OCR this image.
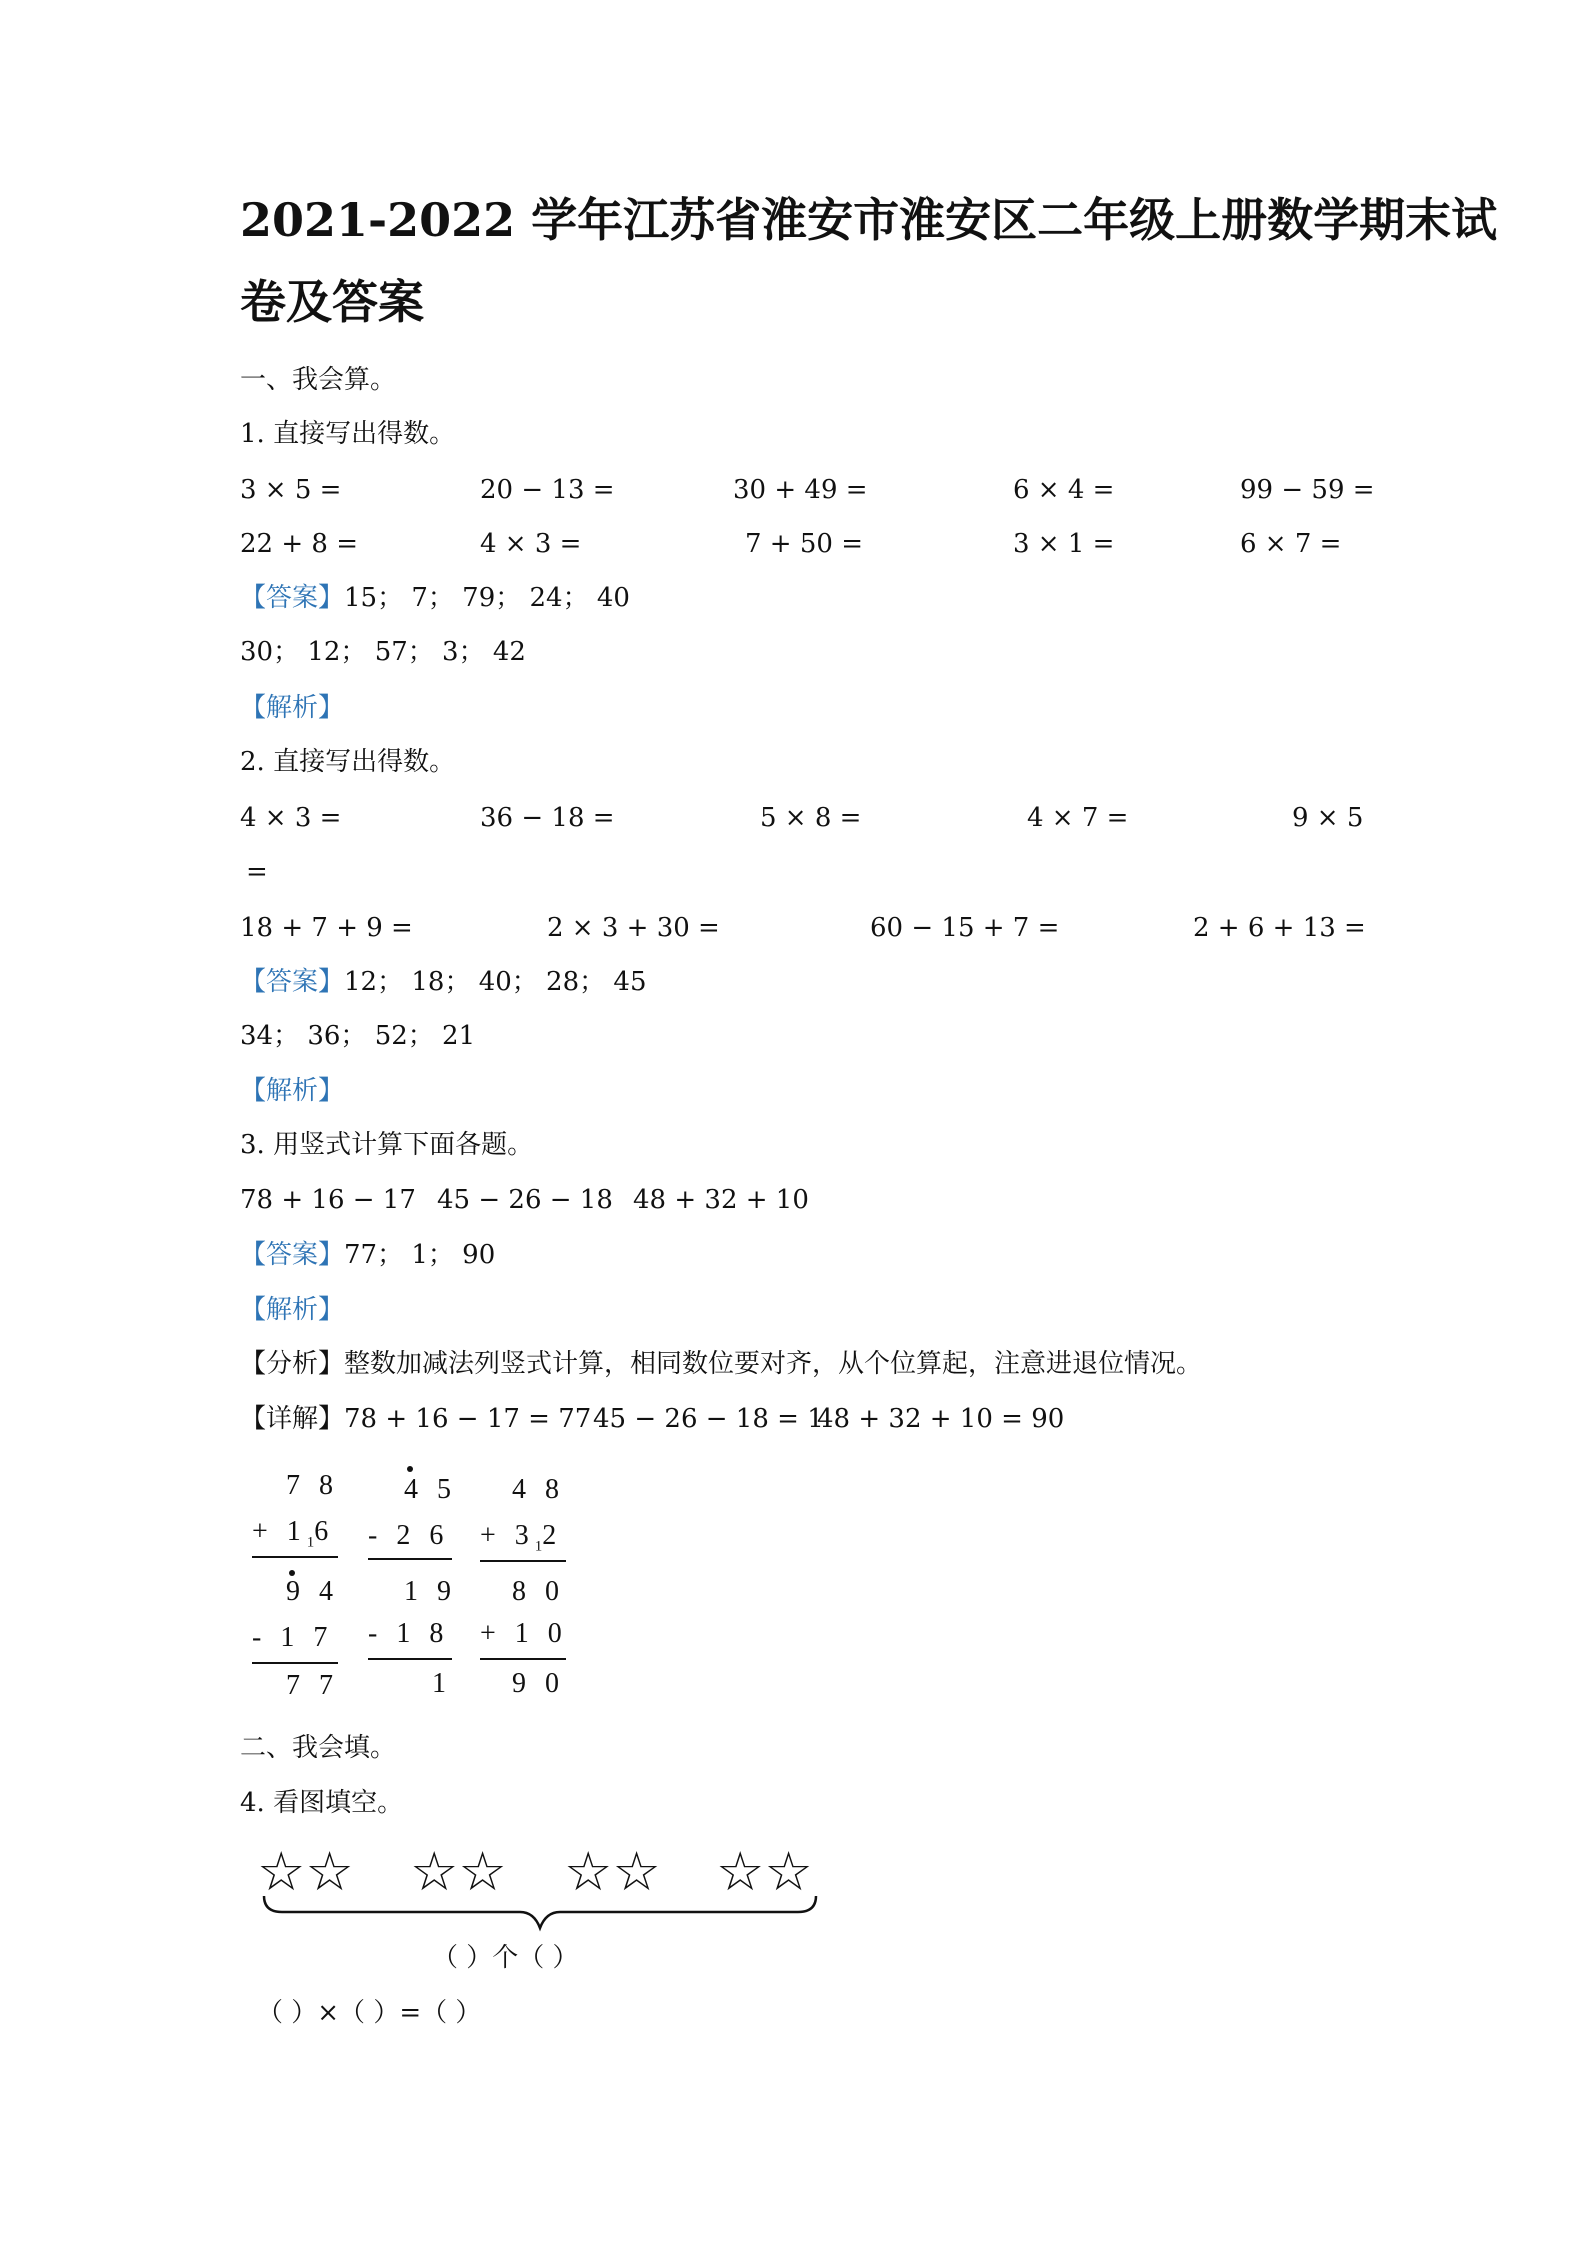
2021-2022 学年江苏省淮安市淮安区二年级上册数学期末试
卷及答案
一、我会算。
1. 直接写出得数。
3 × 5 =	20 − 13 =	30 + 49 =	6 × 4 =	99 − 59 =
22 + 8 =	4 × 3 =	7 + 50 =	3 × 1 =	6 × 7 =
【答案】15； 7； 79； 24； 40
30； 12； 57； 3； 42
【解析】
2. 直接写出得数。
4 × 3 =	36 − 18 =	5 × 8 =	4 × 7 =	9 × 5
=
18 + 7 + 9 =	2 × 3 + 30 =	60 − 15 + 7 =	2 + 6 + 13 =
【答案】12； 18； 40； 28； 45
34； 36； 52； 21
【解析】
3. 用竖式计算下面各题。
78 + 16 − 17 45 − 26 − 18 48 + 32 + 10
【答案】77； 1； 90
【解析】
【分析】整数加减法列竖式计算，相同数位要对齐，从个位算起，注意进退位情况。
【详解】78 + 16 − 17 = 77 45 − 26 − 18 = 1
48 + 32 + 10 = 90
7 8
+ $1_16$
9 4
- 1 7
7 7
4 5
- 2 6
1 9
- 1 8
1
4 8
+ $3_12$
8 0
+ 1 0
9 0
二、我会填。
4. 看图填空。
☆☆ ☆☆ ☆☆ ☆☆
（ ）个（ ）
（ ）×（ ）=（ ）
